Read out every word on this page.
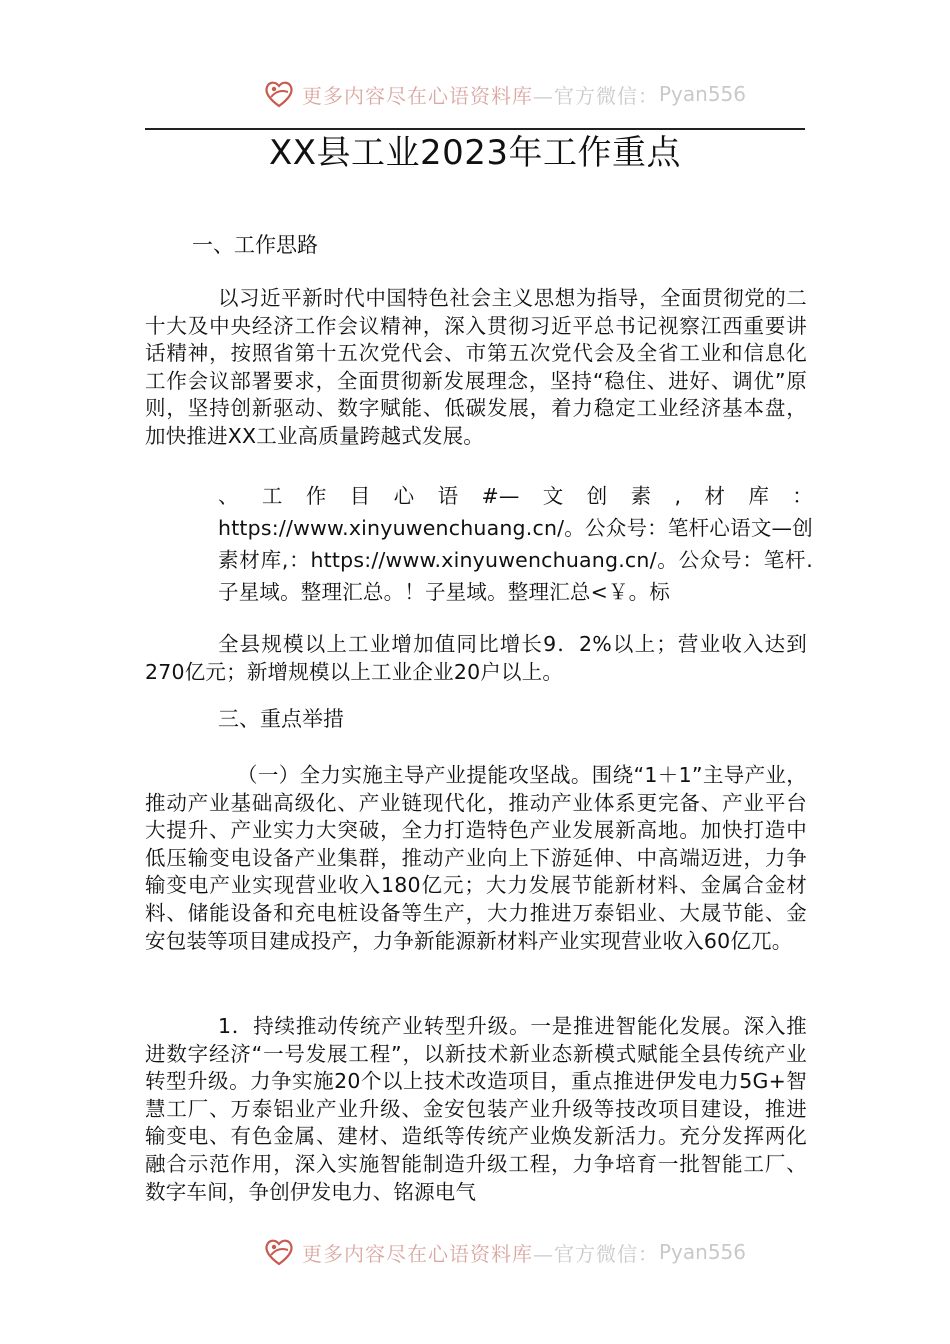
更多内容尽在心语资料库 —官方微信： Pyan556
XX县工业2023年工作重点
一、工作思路
以习近平新时代中国特色社会主义思想为指导，全面贯彻党的二十大及中央经济工作会议精神，深入贯彻习近平总书记视察江西重要讲话精神，按照省第十五次党代会、市第五次党代会及全省工业和信息化工作会议部署要求，全面贯彻新发展理念，坚持“稳住、进好、调优”原则，坚持创新驱动、数字赋能、低碳发展，着力稳定工业经济基本盘，加快推进XX工业高质量跨越式发展。
、工作目心语#—文创素,材库：https://www.xinyuwenchuang.cn/。公众号：笔杆心语文—创素材库,：https://www.xinyuwenchuang.cn/。公众号：笔杆.子星域。整理汇总。！子星域。整理汇总<￥。标
全县规模以上工业增加值同比增长9．2%以上；营业收入达到270亿元；新增规模以上工业企业20户以上。
三、重点举措
（一）全力实施主导产业提能攻坚战。围绕“1＋1”主导产业，推动产业基础高级化、产业链现代化，推动产业体系更完备、产业平台大提升、产业实力大突破，全力打造特色产业发展新高地。加快打造中低压输变电设备产业集群，推动产业向上下游延伸、中高端迈进，力争输变电产业实现营业收入180亿元；大力发展节能新材料、金属合金材料、储能设备和充电桩设备等生产，大力推进万泰铝业、大晟节能、金安包装等项目建成投产，力争新能源新材料产业实现营业收入60亿兀。
1．持续推动传统产业转型升级。一是推进智能化发展。深入推进数字经济“一号发展工程”，以新技术新业态新模式赋能全县传统产业转型升级。力争实施20个以上技术改造项目，重点推进伊发电力5G+智慧工厂、万泰铝业产业升级、金安包装产业升级等技改项目建设，推进输变电、有色金属、建材、造纸等传统产业焕发新活力。充分发挥两化融合示范作用，深入实施智能制造升级工程，力争培育一批智能工厂、数字车间，争创伊发电力、铭源电气
更多内容尽在心语资料库 —官方微信： Pyan556
